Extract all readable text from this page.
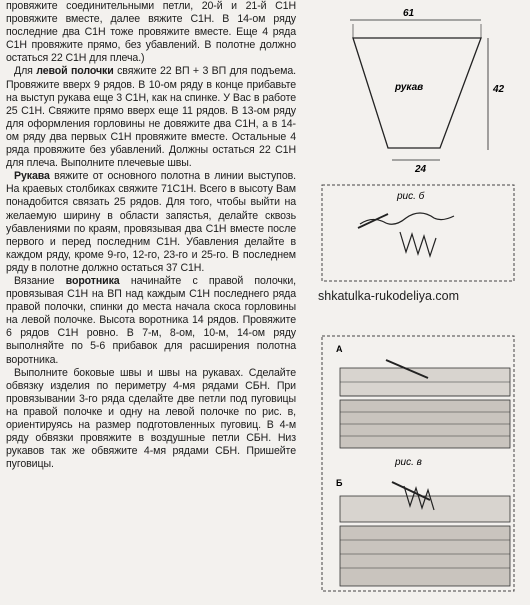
провяжите соединительными петли, 20-й и 21-й С1Н провяжите вместе, далее вяжите С1Н. В 14-ом ряду последние два С1Н тоже провяжите вместе. Еще 4 ряда С1Н провяжите прямо, без убавлений. В полотне должно остаться 22 С1Н для плеча.)

Для левой полочки свяжите 22 ВП + 3 ВП для подъема. Провяжите вверх 9 рядов. В 10-ом ряду в конце прибавьте на выступ рукава еще 3 С1Н, как на спинке. У Вас в работе 25 С1Н. Свяжите прямо вверх еще 11 рядов. В 13-ом ряду для оформления горловины не довяжите два С1Н, а в 14-ом ряду два первых С1Н провяжите вместе. Остальные 4 ряда провяжите без убавлений. Должны остаться 22 С1Н для плеча. Выполните плечевые швы.

Рукава вяжите от основного полотна в линии выступов. На краевых столбиках свяжите 71С1Н. Всего в высоту Вам понадобится связать 25 рядов. Для того, чтобы выйти на желаемую ширину в области запястья, делайте сквозь убавлениями по краям, провязывая два С1Н вместе после первого и перед последним С1Н. Убавления делайте в каждом ряду, кроме 9-го, 12-го, 23-го и 25-го. В последнем ряду в полотне должно остаться 37 С1Н.

Вязание воротника начинайте с правой полочки, провязывая С1Н на ВП над каждым С1Н последнего ряда правой полочки, спинки до места начала скоса горловины на левой полочке. Высота воротника 14 рядов. Провяжите 6 рядов С1Н ровно. В 7-м, 8-ом, 10-м, 14-ом ряду выполняйте по 5-6 прибавок для расширения полотна воротника.

Выполните боковые швы и швы на рукавах. Сделайте обвязку изделия по периметру 4-мя рядами СБН. При провязывании 3-го ряда сделайте две петли под пуговицы на правой полочке и одну на левой полочке по рис. в, ориентируясь на размер подготовленных пуговиц. В 4-м ряду обвязки провяжите в воздушные петли СБН. Низ рукавов так же обвяжите 4-мя рядами СБН. Пришейте пуговицы.

61
42
24
рукав
рис. б
А
Б
рис. в
shkatulka-rukodeliya.com
